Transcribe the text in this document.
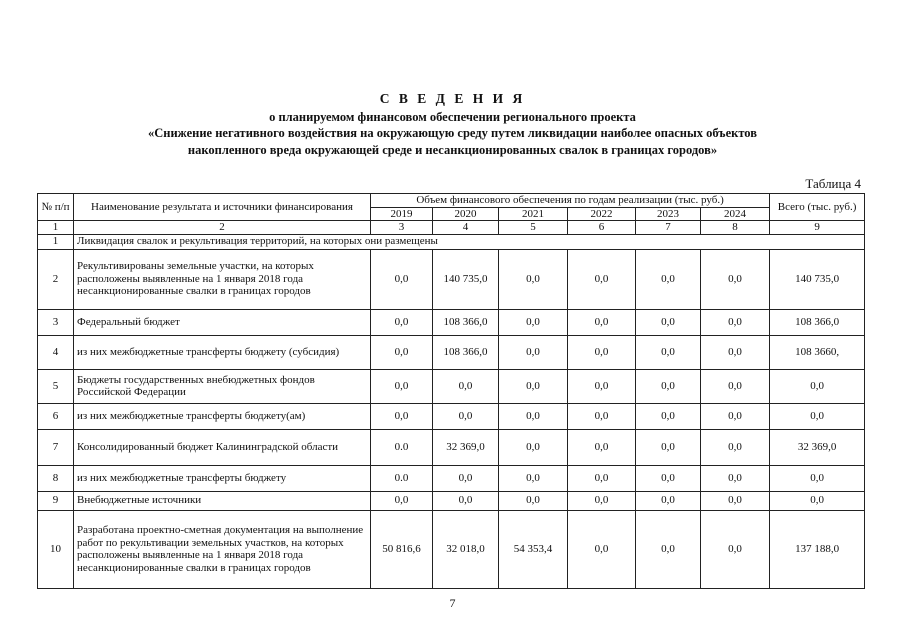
С В Е Д Е Н И Я
о планируемом финансовом обеспечении регионального проекта
«Снижение негативного воздействия на окружающую среду путем ликвидации наиболее опасных объектов
накопленного вреда окружающей среде и несанкционированных свалок в границах городов»
Таблица 4
№ п/п	Наименование результата и источники финансирования	Объем финансового обеспечения по годам реализации (тыс. руб.)						Всего (тыс. руб.)
		2019	2020	2021	2022	2023	2024	
1	2	3	4	5	6	7	8	9
1	Ликвидация свалок и рекультивация территорий, на которых они размещены							
2	Рекультивированы земельные участки, на которых расположены выявленные на 1 января 2018 года несанкционированные свалки в границах городов	0,0	140 735,0	0,0	0,0	0,0	0,0	140 735,0
3	Федеральный бюджет	0,0	108 366,0	0,0	0,0	0,0	0,0	108 366,0
4	из них межбюджетные трансферты бюджету (субсидия)	0,0	108 366,0	0,0	0,0	0,0	0,0	108 3660,
5	Бюджеты государственных внебюджетных фондов Российской Федерации	0,0	0,0	0,0	0,0	0,0	0,0	0,0
6	из них межбюджетные трансферты бюджету(ам)	0,0	0,0	0,0	0,0	0,0	0,0	0,0
7	Консолидированный бюджет Калининградской области	0.0	32 369,0	0,0	0,0	0,0	0,0	32 369,0
8	из них межбюджетные трансферты бюджету	0.0	0,0	0,0	0,0	0,0	0,0	0,0
9	Внебюджетные источники	0,0	0,0	0,0	0,0	0,0	0,0	0,0
10	Разработана проектно-сметная документация на выполнение работ по рекультивации земельных участков, на которых расположены выявленные на 1 января 2018 года несанкционированные свалки в границах городов	50 816,6	32 018,0	54 353,4	0,0	0,0	0,0	137 188,0
7
